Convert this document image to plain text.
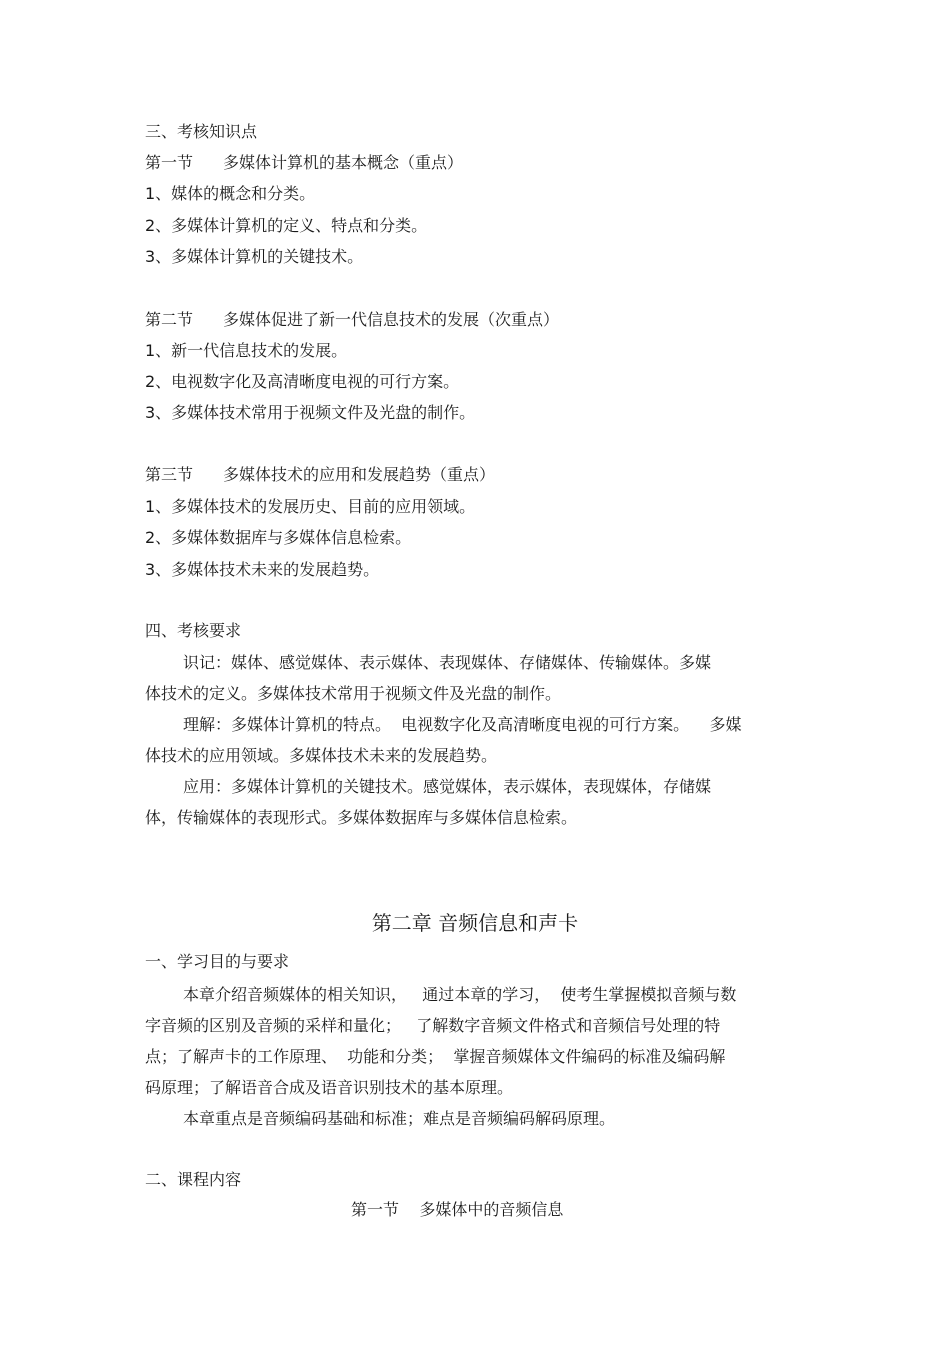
三、考核知识点
第一节 多媒体计算机的基本概念（重点）
1、媒体的概念和分类。
2、多媒体计算机的定义、特点和分类。
3、多媒体计算机的关键技术。
第二节 多媒体促进了新一代信息技术的发展（次重点）
1、新一代信息技术的发展。
2、电视数字化及高清晰度电视的可行方案。
3、多媒体技术常用于视频文件及光盘的制作。
第三节 多媒体技术的应用和发展趋势（重点）
1、多媒体技术的发展历史、目前的应用领域。
2、多媒体数据库与多媒体信息检索。
3、多媒体技术未来的发展趋势。
四、考核要求
识记：媒体、感觉媒体、表示媒体、表现媒体、存储媒体、传输媒体。多媒
体技术的定义。多媒体技术常用于视频文件及光盘的制作。
理解：多媒体计算机的特点。  电视数字化及高清晰度电视的可行方案。    多媒
体技术的应用领域。多媒体技术未来的发展趋势。
应用：多媒体计算机的关键技术。感觉媒体，表示媒体，表现媒体，存储媒
体，传输媒体的表现形式。多媒体数据库与多媒体信息检索。
第二章 音频信息和声卡
一、学习目的与要求
本章介绍音频媒体的相关知识，   通过本章的学习，  使考生掌握模拟音频与数
字音频的区别及音频的采样和量化；   了解数字音频文件格式和音频信号处理的特
点；了解声卡的工作原理、  功能和分类；  掌握音频媒体文件编码的标准及编码解
码原理；了解语音合成及语音识别技术的基本原理。
本章重点是音频编码基础和标准；难点是音频编码解码原理。
二、课程内容
第一节    多媒体中的音频信息
